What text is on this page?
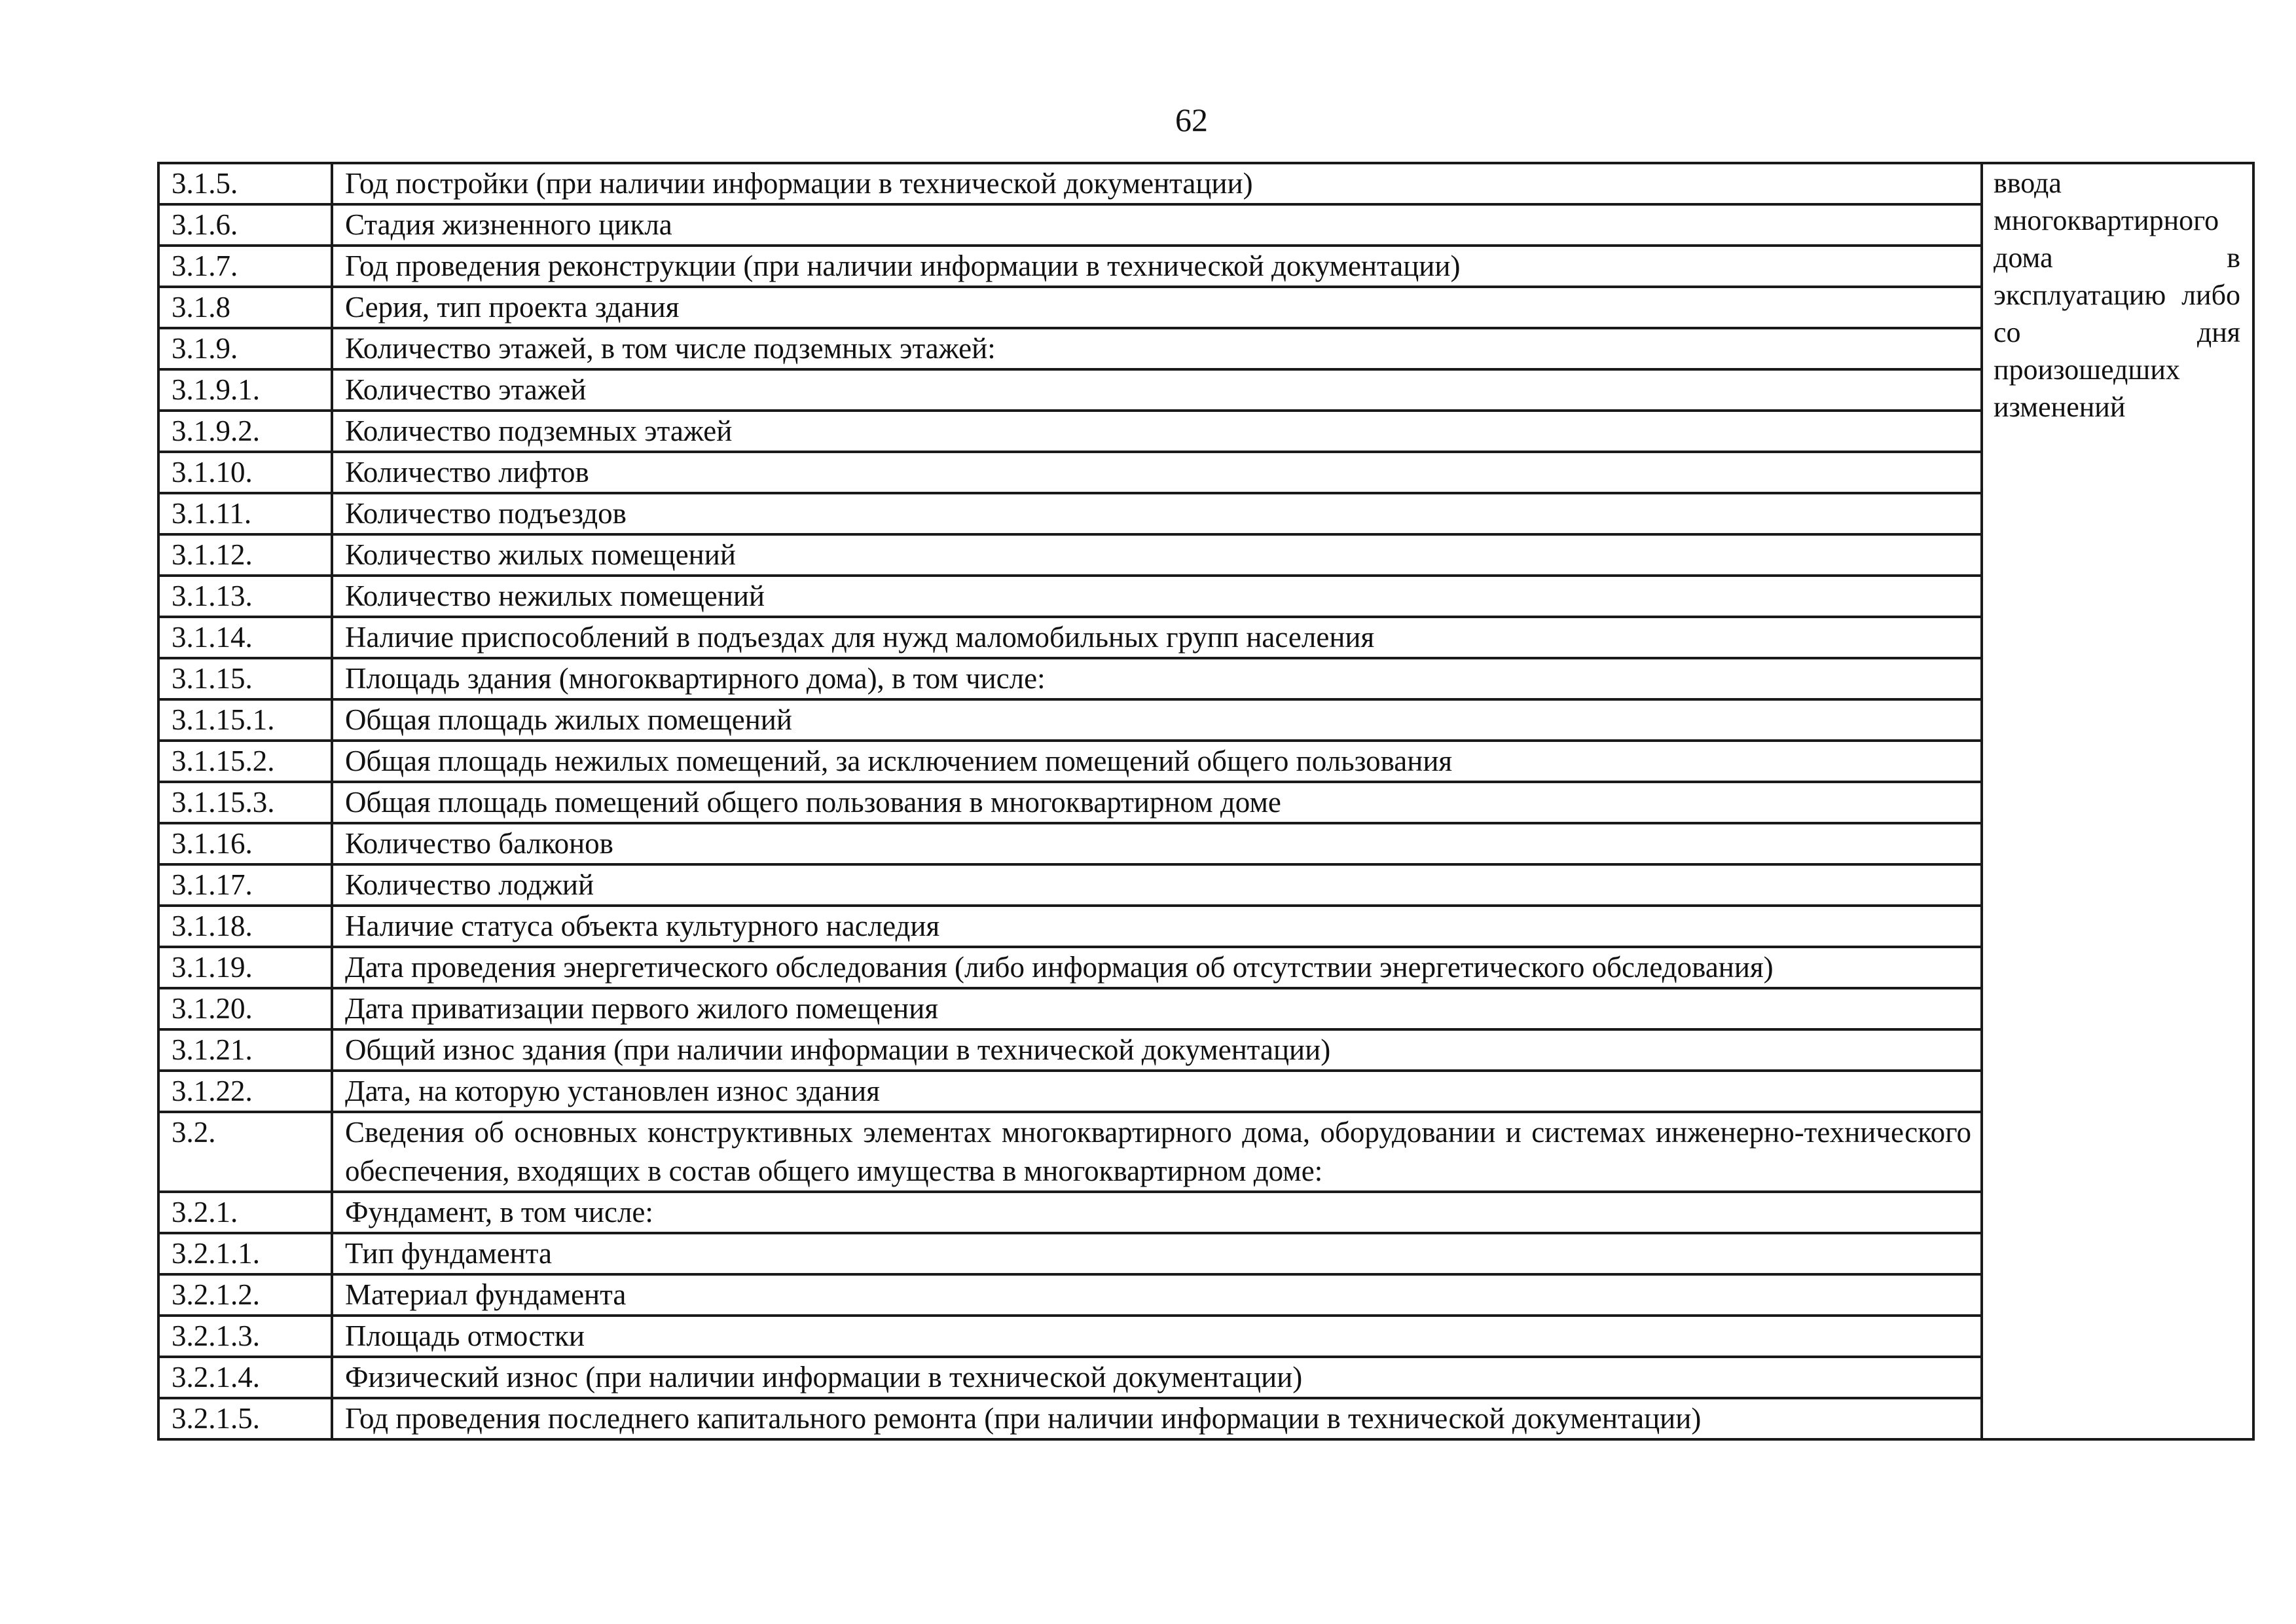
62
3.1.5.	Год постройки (при наличии информации в технической документации)	ввода многоквартирного
дома в эксплуатацию либо
со дня произошедших
изменений

3.1.6.	Стадия жизненного цикла	
3.1.7.	Год проведения реконструкции (при наличии информации в технической документации)	
3.1.8	Серия, тип проекта здания	
3.1.9.	Количество этажей, в том числе подземных этажей:	
3.1.9.1.	Количество этажей	
3.1.9.2.	Количество подземных этажей	
3.1.10.	Количество лифтов	
3.1.11.	Количество подъездов	
3.1.12.	Количество жилых помещений	
3.1.13.	Количество нежилых помещений	
3.1.14.	Наличие приспособлений в подъездах для нужд маломобильных групп населения	
3.1.15.	Площадь здания (многоквартирного дома), в том числе:	
3.1.15.1.	Общая площадь жилых помещений	
3.1.15.2.	Общая площадь нежилых помещений, за исключением помещений общего пользования	
3.1.15.3.	Общая площадь помещений общего пользования в многоквартирном доме	
3.1.16.	Количество балконов	
3.1.17.	Количество лоджий	
3.1.18.	Наличие статуса объекта культурного наследия	
3.1.19.	Дата проведения энергетического обследования (либо информация об отсутствии энергетического обследования)	
3.1.20.	Дата приватизации первого жилого помещения	
3.1.21.	Общий износ здания (при наличии информации в технической документации)	
3.1.22.	Дата, на которую установлен износ здания	
3.2.	Сведения об основных конструктивных элементах многоквартирного дома, оборудовании и системах инженерно-технического обеспечения, входящих в состав общего имущества в многоквартирном доме:	
3.2.1.	Фундамент, в том числе:	
3.2.1.1.	Тип фундамента	
3.2.1.2.	Материал фундамента	
3.2.1.3.	Площадь отмостки	
3.2.1.4.	Физический износ (при наличии информации в технической документации)	
3.2.1.5.	Год проведения последнего капитального ремонта (при наличии информации в технической документации)	
